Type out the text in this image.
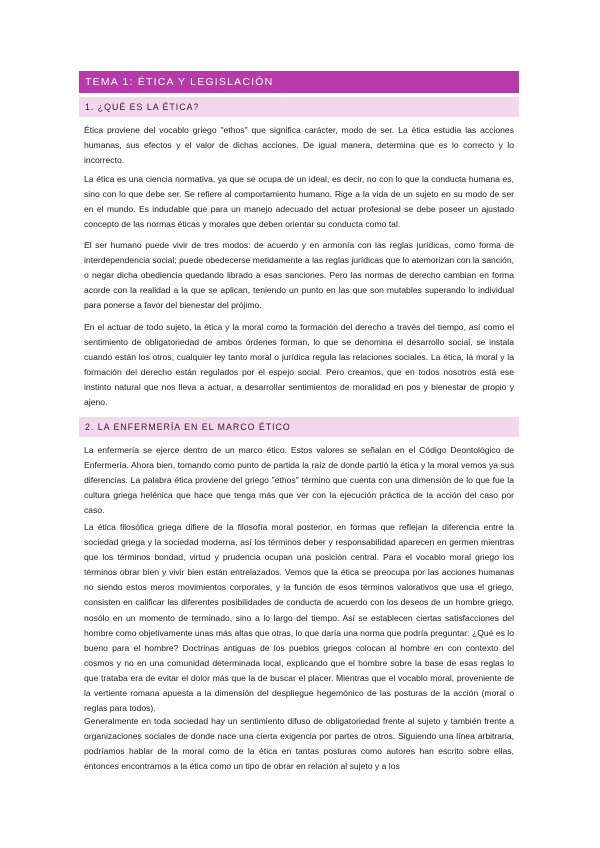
TEMA 1: ÉTICA Y LEGISLACIÓN
1. ¿QUÉ ES LA ÉTICA?

Ética proviene del vocablo griego "ethos" que significa carácter, modo de ser. La ética estudia las acciones humanas, sus efectos y el valor de dichas acciones. De igual manera, determina que es lo correcto y lo incorrecto.

La ética es una ciencia normativa, ya que se ocupa de un ideal, es decir, no con lo que la conducta humana es, sino con lo que debe ser. Se refiere al comportamiento humano. Rige a la vida de un sujeto en su modo de ser en el mundo. Es indudable que para un manejo adecuado del actuar profesional se debe poseer un ajustado concepto de las normas éticas y morales que deben orientar su conducta como tal.

El ser humano puede vivir de tres modos: de acuerdo y en armonía con las reglas jurídicas, como forma de interdependencia social; puede obedecerse metidamente a las reglas jurídicas que lo atemorizan con la sanción, o negar dicha obediencia quedando librado a esas sanciones. Pero las normas de derecho cambian en forma acorde con la realidad a la que se aplican, teniendo un punto en las que son mutables superando lo individual para ponerse a favor del bienestar del prójimo.

En el actuar de todo sujeto, la ética y la moral como la formación del derecho a través del tiempo, así como el sentimiento de obligatoriedad de ambos órdenes forman, lo que se denomina el desarrollo social, se instala cuando están los otros, cualquier ley tanto moral o jurídica regula las relaciones sociales. La ética, la moral y la formación del derecho están regulados por el espejo social. Pero creamos, que en todos nosotros está ese instinto natural que nos lleva a actuar, a desarrollar sentimientos de moralidad en pos y bienestar de propio y ajeno.

2. LA ENFERMERÍA EN EL MARCO ÉTICO

La enfermería se ejerce dentro de un marco ético. Estos valores se señalan en el Código Deontológico de Enfermería. Ahora bien, tomando como punto de partida la raíz de donde partió la ética y la moral vemos ya sus diferencias. La palabra ética proviene del griego "ethos" término que cuenta con una dimensión de lo que fue la cultura griega helénica que hace que tenga más que ver con la ejecución práctica de la acción del caso por caso.

La ética filosófica griega difiere de la filosofía moral posterior, en formas que reflejan la diferencia entre la sociedad griega y la sociedad moderna, así los términos deber y responsabilidad aparecen en germen mientras que los términos bondad, virtud y prudencia ocupan una posición central. Para el vocablo moral griego los términos obrar bien y vivir bien están entrelazados. Vemos que la ética se preocupa por las acciones humanas no siendo estos meros movimientos corporales, y la función de esos términos valorativos que usa el griego, consisten en calificar las diferentes posibilidades de conducta de acuerdo con los deseos de un hombre griego, nosólo en un momento de terminado, sino a lo largo del tiempo. Así se establecen ciertas satisfacciones del hombre como objetivamente unas más altas que otras, lo que daría una norma que podría preguntar: ¿Qué es lo bueno para el hombre? Doctrinas antiguas de los pueblos griegos colocan al hombre en con contexto del cosmos y no en una comunidad determinada local, explicando que el hombre sobre la base de esas reglas lo que trataba era de evitar el dolor más que la de buscar el placer. Mientras que el vocablo moral, proveniente de la vertiente romana apuesta a la dimensión del despliegue hegemónico de las posturas de la acción (moral o reglas para todos).

Generalmente en toda sociedad hay un sentimiento difuso de obligatoriedad frente al sujeto y también frente a organizaciones sociales de donde nace una cierta exigencia por partes de otros. Siguiendo una línea arbitraria, podríamos hablar de la moral como de la ética en tantas posturas como autores han escrito sobre ellas, entonces encontramos a la ética como un tipo de obrar en relación al sujeto y a los
